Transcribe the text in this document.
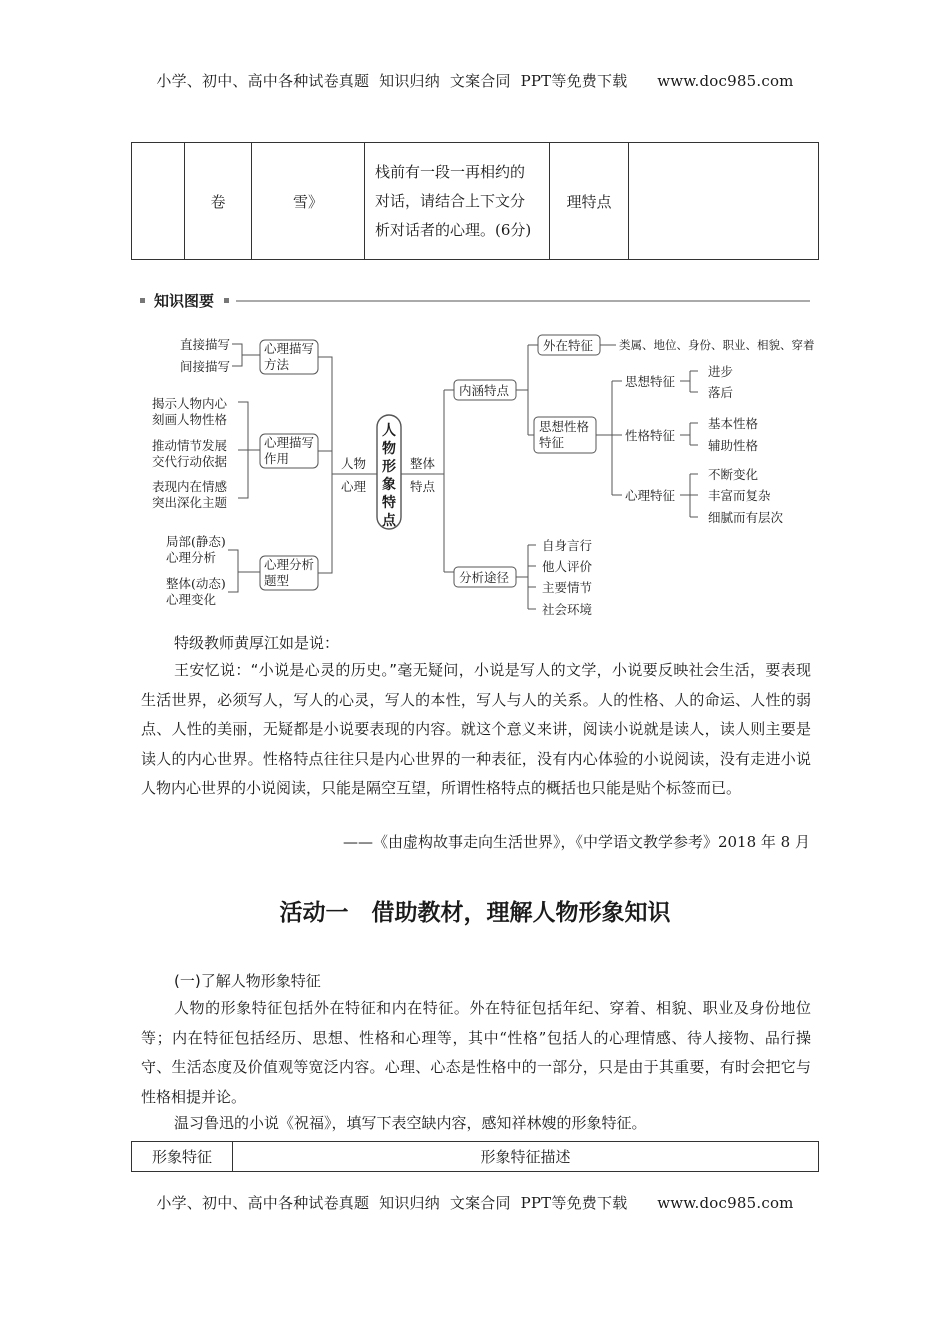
小学、初中、高中各种试卷真题  知识归纳  文案合同  PPT等免费下载      www.doc985.com
	卷	雪》	栈前有一段一再相约的对话，请结合上下文分析对话者的心理。(6分)	理特点	
知识图要
直接描写
间接描写
心理描写
方法
揭示人物内心
刻画人物性格
推动情节发展
交代行动依据
表现内在情感
突出深化主题
心理描写
作用
局部(静态)
心理分析
整体(动态)
心理变化
心理分析
题型
人物
心理
人
物
形
象
特
点
整体
特点
内涵特点
外在特征 类属、地位、身份、职业、相貌、穿着
思想性格
特征
思想特征
进步
落后
性格特征
基本性格
辅助性格
心理特征
不断变化
丰富而复杂
细腻而有层次
分析途径
自身言行
他人评价
主要情节
社会环境
特级教师黄厚江如是说：
王安忆说：“小说是心灵的历史。”毫无疑问，小说是写人的文学，小说要反映社会生活，要表现生活世界，必须写人，写人的心灵，写人的本性，写人与人的关系。人的性格、人的命运、人性的弱点、人性的美丽，无疑都是小说要表现的内容。就这个意义来讲，阅读小说就是读人，读人则主要是读人的内心世界。性格特点往往只是内心世界的一种表征，没有内心体验的小说阅读，没有走进小说人物内心世界的小说阅读，只能是隔空互望，所谓性格特点的概括也只能是贴个标签而已。
——《由虚构故事走向生活世界》，《中学语文教学参考》2018 年 8 月
活动一　借助教材，理解人物形象知识
(一)了解人物形象特征
人物的形象特征包括外在特征和内在特征。外在特征包括年纪、穿着、相貌、职业及身份地位等；内在特征包括经历、思想、性格和心理等，其中“性格”包括人的心理情感、待人接物、品行操守、生活态度及价值观等宽泛内容。心理、心态是性格中的一部分，只是由于其重要，有时会把它与性格相提并论。
温习鲁迅的小说《祝福》，填写下表空缺内容，感知祥林嫂的形象特征。
形象特征	形象特征描述
小学、初中、高中各种试卷真题  知识归纳  文案合同  PPT等免费下载      www.doc985.com
